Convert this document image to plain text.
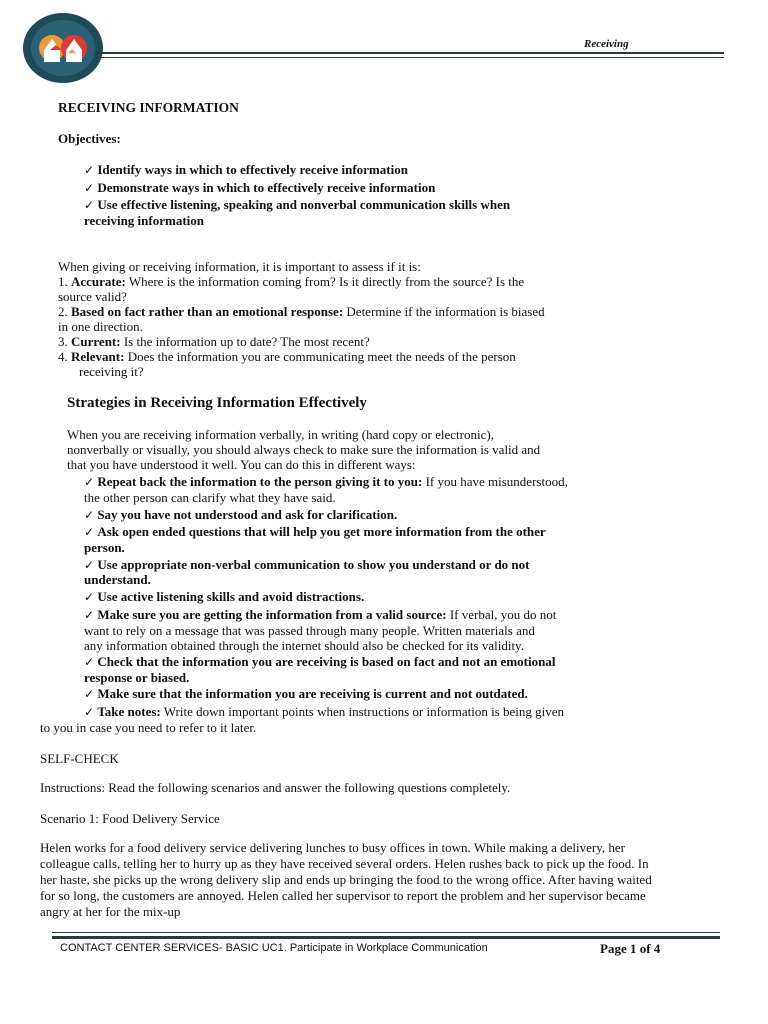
Receiving
RECEIVING INFORMATION
Objectives:
✓ Identify ways in which to effectively receive information
✓ Demonstrate ways in which to effectively receive information
✓ Use effective listening, speaking and nonverbal communication skills when
receiving information
When giving or receiving information, it is important to assess if it is:
1. Accurate: Where is the information coming from? Is it directly from the source? Is the
source valid?
2. Based on fact rather than an emotional response: Determine if the information is biased
in one direction.
3. Current: Is the information up to date? The most recent?
4. Relevant: Does the information you are communicating meet the needs of the person
receiving it?
Strategies in Receiving Information Effectively
When you are receiving information verbally, in writing (hard copy or electronic),
nonverbally or visually, you should always check to make sure the information is valid and
that you have understood it well. You can do this in different ways:
✓ Repeat back the information to the person giving it to you: If you have misunderstood,
the other person can clarify what they have said.
✓ Say you have not understood and ask for clarification.
✓ Ask open ended questions that will help you get more information from the other
person.
✓ Use appropriate non-verbal communication to show you understand or do not
understand.
✓ Use active listening skills and avoid distractions.
✓ Make sure you are getting the information from a valid source: If verbal, you do not
want to rely on a message that was passed through many people. Written materials and
any information obtained through the internet should also be checked for its validity.
✓ Check that the information you are receiving is based on fact and not an emotional
response or biased.
✓ Make sure that the information you are receiving is current and not outdated.
✓ Take notes: Write down important points when instructions or information is being given
to you in case you need to refer to it later.
SELF-CHECK
Instructions: Read the following scenarios and answer the following questions completely.
Scenario 1: Food Delivery Service
Helen works for a food delivery service delivering lunches to busy offices in town. While making a delivery, her
colleague calls, telling her to hurry up as they have received several orders. Helen rushes back to pick up the food. In
her haste, she picks up the wrong delivery slip and ends up bringing the food to the wrong office. After having waited
for so long, the customers are annoyed. Helen called her supervisor to report the problem and her supervisor became
angry at her for the mix-up
CONTACT CENTER SERVICES- BASIC UC1. Participate in Workplace Communication	Page 1 of 4
